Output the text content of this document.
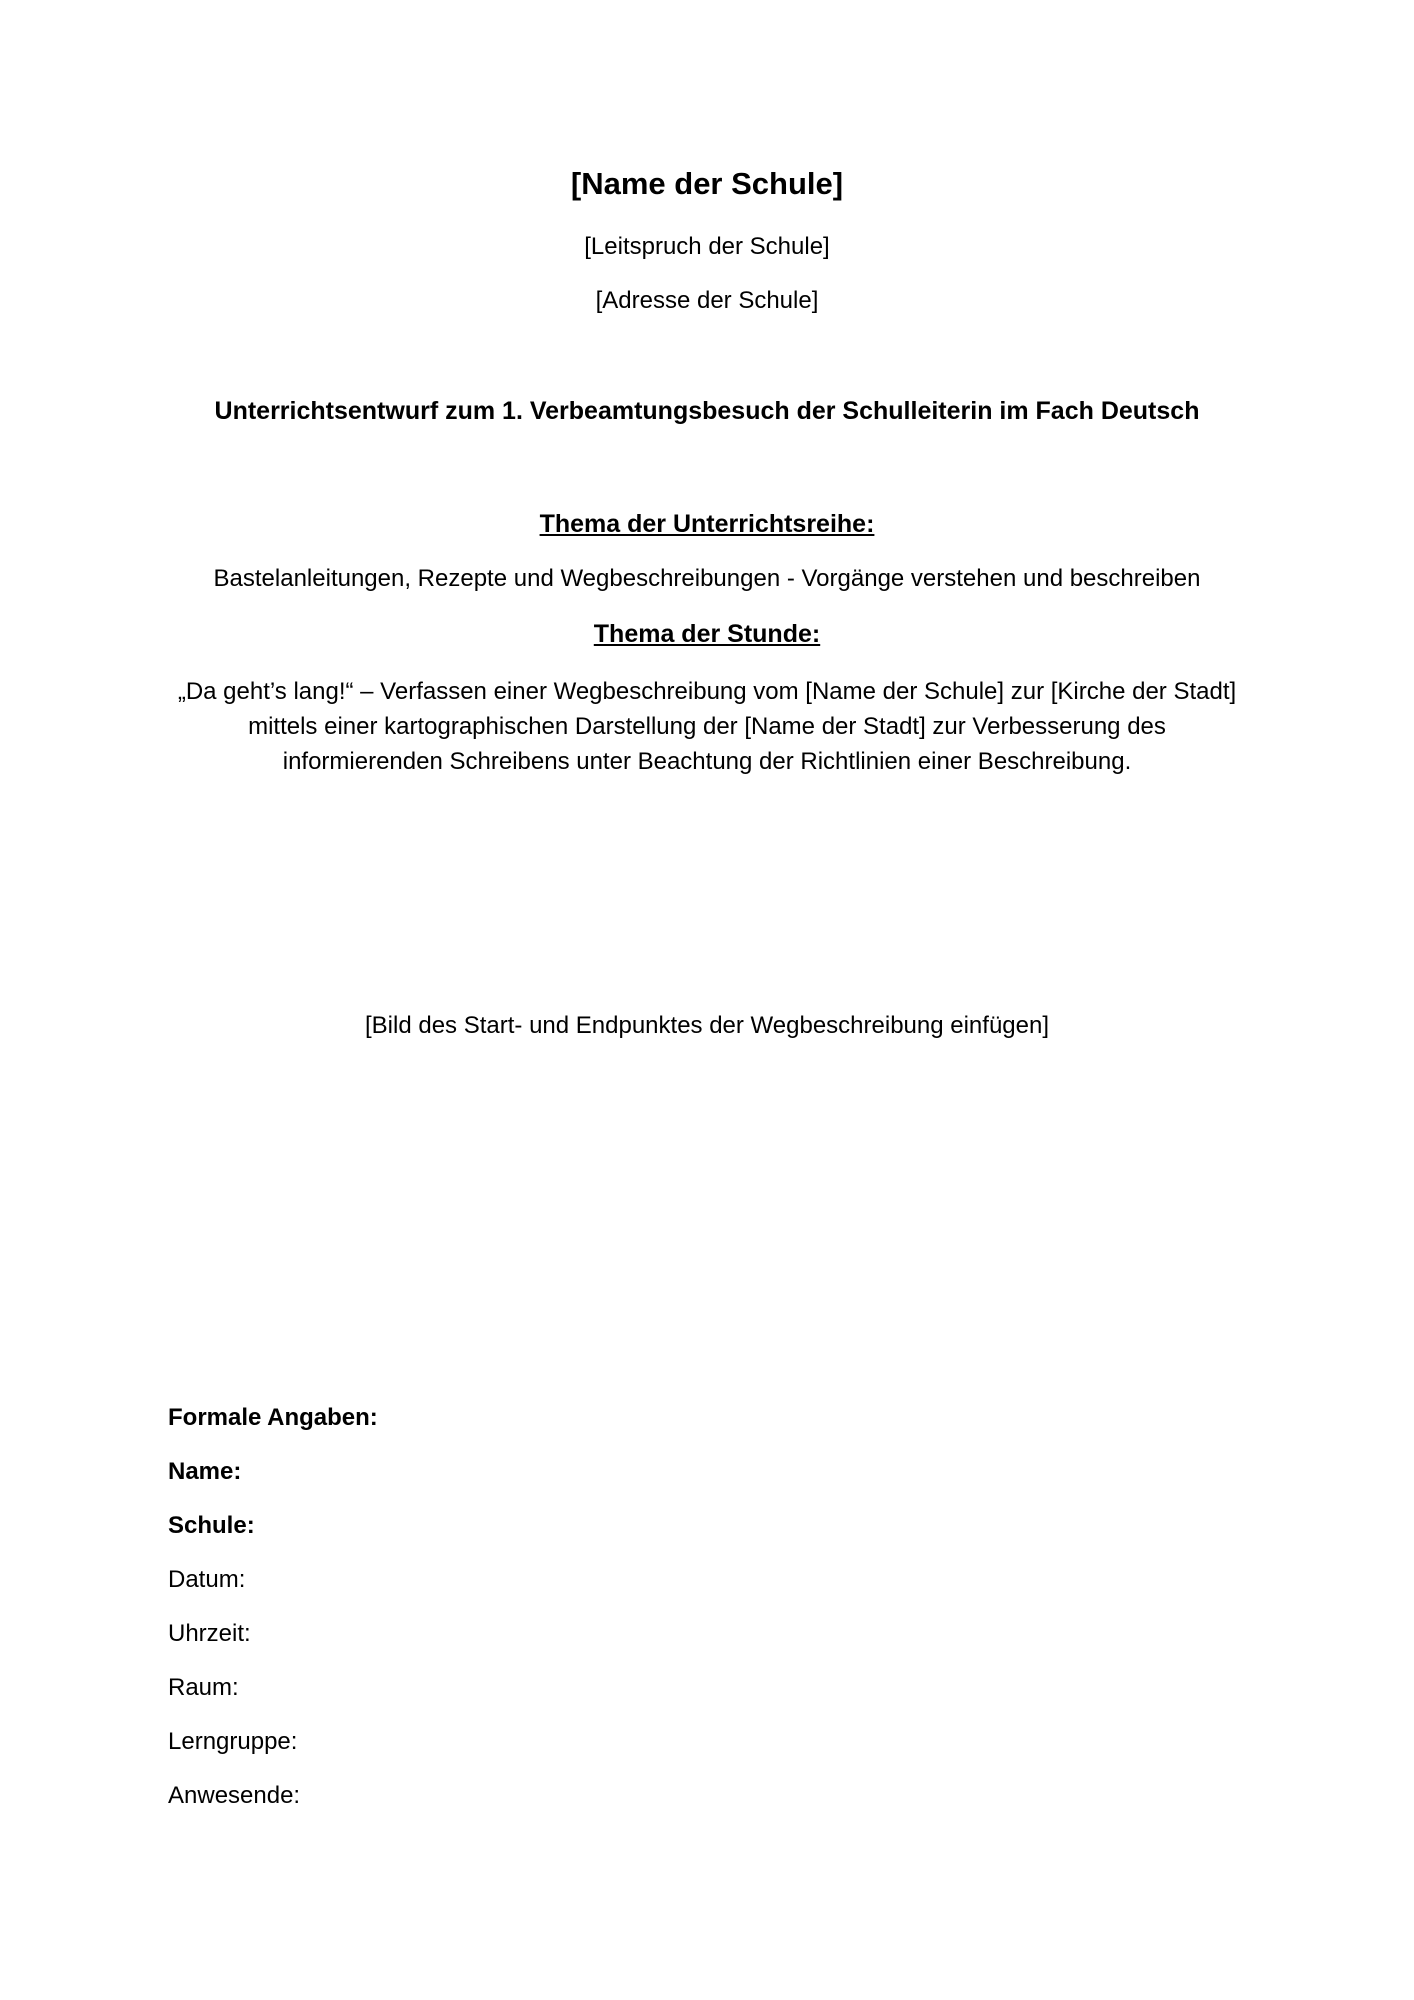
[Name der Schule]
[Leitspruch der Schule]
[Adresse der Schule]
Unterrichtsentwurf zum 1. Verbeamtungsbesuch der Schulleiterin im Fach Deutsch
Thema der Unterrichtsreihe:
Bastelanleitungen, Rezepte und Wegbeschreibungen - Vorgänge verstehen und beschreiben
Thema der Stunde:
„Da geht’s lang!“ – Verfassen einer Wegbeschreibung vom [Name der Schule] zur [Kirche der Stadt]
mittels einer kartographischen Darstellung der [Name der Stadt] zur Verbesserung des
informierenden Schreibens unter Beachtung der Richtlinien einer Beschreibung.
[Bild des Start- und Endpunktes der Wegbeschreibung einfügen]
Formale Angaben:
Name:
Schule:
Datum:
Uhrzeit:
Raum:
Lerngruppe:
Anwesende:
